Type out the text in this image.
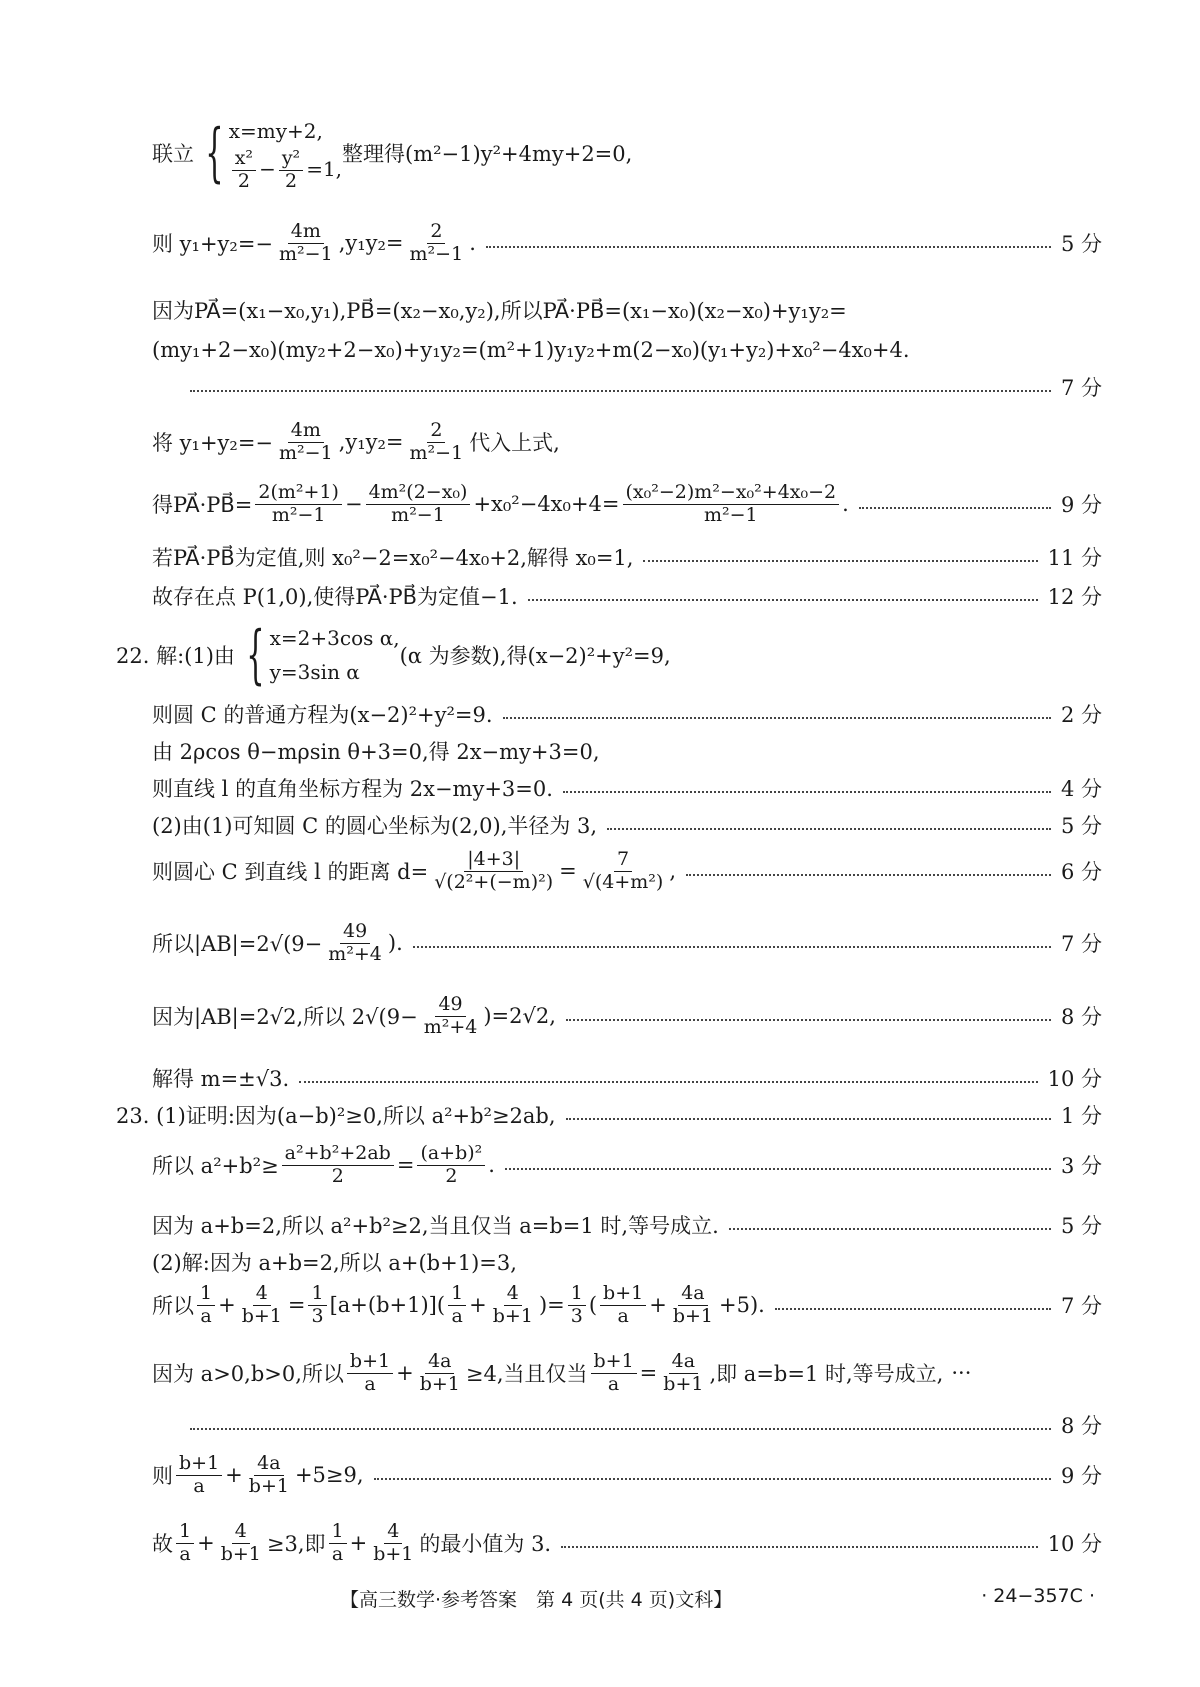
联立 { x=my+2,
$\frac{\text{x²}}{2} - \frac{\text{y²}}{2} =1$,
整理得(m²−1)y²+4my+2=0,
则 $y_1+y_2=- \frac{4m}{\text{m²−1}} ,y_1y_2= \frac{2}{\text{m²−1}}$ .	5 分
因为PA⃗=(x₁−x₀,y₁),PB⃗=(x₂−x₀,y₂),所以PA⃗·PB⃗=(x₁−x₀)(x₂−x₀)+y₁y₂=
(my₁+2−x₀)(my₂+2−x₀)+y₁y₂=(m²+1)y₁y₂+m(2−x₀)(y₁+y₂)+x₀²−4x₀+4.
7 分
将 $y_1+y_2=- \frac{4m}{\text{m²−1}} ,y_1y_2= \frac{2}{\text{m²−1}}$ 代入上式,
得PA⃗·PB⃗= $\frac{\text{2(m²+1)}}{\text{m²−1}} - \frac{\text{4m²(2−x₀)}}{\text{m²−1}} +x_0^2-4x_0+4= \frac{\text{(x₀²−2)m²−x₀²+4x₀−2}}{\text{m²−1}}$ .	9 分
若PA⃗·PB⃗为定值,则 x₀²−2=x₀²−4x₀+2,解得 x₀=1,	11 分
故存在点 P(1,0),使得PA⃗·PB⃗为定值−1.	12 分
22. 解:(1)由 { x=2+3cos α,
y=3sin α
(α 为参数),得(x−2)²+y²=9,
则圆 C 的普通方程为(x−2)²+y²=9.	2 分
由 2ρcos θ−mρsin θ+3=0,得 2x−my+3=0,
则直线 l 的直角坐标方程为 2x−my+3=0.	4 分
(2)由(1)可知圆 C 的圆心坐标为(2,0),半径为 3,	5 分
则圆心 C 到直线 l 的距离 $d= \frac{|4+3|}{\text{√(2²+(−m)²)}} = \frac{7}{\text{√(4+m²)}}$ ,	6 分
所以$|AB|=2√(9- \frac{49}{\text{m²+4}}$ ).	7 分
因为|AB|=2√2,所以 $2√(9- \frac{49}{\text{m²+4}} )=2√2$,	8 分
解得 m=±√3.	10 分
23. (1)证明:因为(a−b)²≥0,所以 a²+b²≥2ab,	1 分
所以 $a^2+b^2\ge \frac{\text{a²+b²+2ab}}{2} = \frac{\text{(a+b)²}}{2}$ .	3 分
因为 a+b=2,所以 a²+b²≥2,当且仅当 a=b=1 时,等号成立.	5 分
(2)解:因为 a+b=2,所以 a+(b+1)=3,
所以 $\frac{1}{a} + \frac{4}{b+1} = \frac{1}{3} [a+(b+1)]( \frac{1}{a} + \frac{4}{b+1}$ )= $\frac{1}{3}$ ( $\frac{b+1}{a} + \frac{4a}{b+1} +5$).	7 分
因为 a>0,b>0,所以 $\frac{b+1}{a} + \frac{4a}{b+1} \ge 4$,当且仅当 $\frac{b+1}{a} = \frac{4a}{b+1}$ ,即 a=b=1 时,等号成立, ···
8 分
则 $\frac{b+1}{a} + \frac{4a}{b+1} +5\ge 9$,	9 分
故 $\frac{1}{a} + \frac{4}{b+1} \ge 3$,即 $\frac{1}{a} + \frac{4}{b+1}$ 的最小值为 3.	10 分
【高三数学·参考答案　第 4 页(共 4 页)文科】	· 24−357C ·
